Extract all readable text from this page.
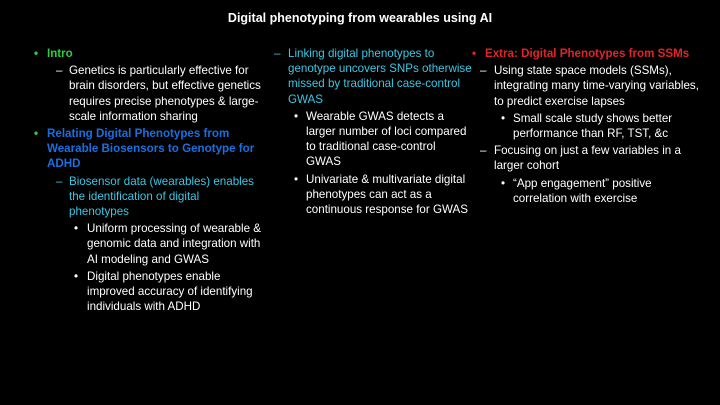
Digital phenotyping from wearables using AI
• Intro
– Genetics is particularly effective for brain disorders, but effective genetics requires precise phenotypes & large-scale information sharing
• Relating Digital Phenotypes from Wearable Biosensors to Genotype for ADHD
– Biosensor data (wearables) enables the identification of digital phenotypes
• Uniform processing of wearable & genomic data and integration with AI modeling and GWAS
• Digital phenotypes enable improved accuracy of identifying individuals with ADHD
– Linking digital phenotypes to genotype uncovers SNPs otherwise missed by traditional case-control GWAS
• Wearable GWAS detects a larger number of loci compared to traditional case-control GWAS
• Univariate & multivariate digital phenotypes can act as a continuous response for GWAS
• Extra: Digital Phenotypes from SSMs
– Using state space models (SSMs), integrating many time-varying variables, to predict exercise lapses
• Small scale study shows better performance than RF, TST, &c
– Focusing on just a few variables in a larger cohort
• “App engagement” positive correlation with exercise
